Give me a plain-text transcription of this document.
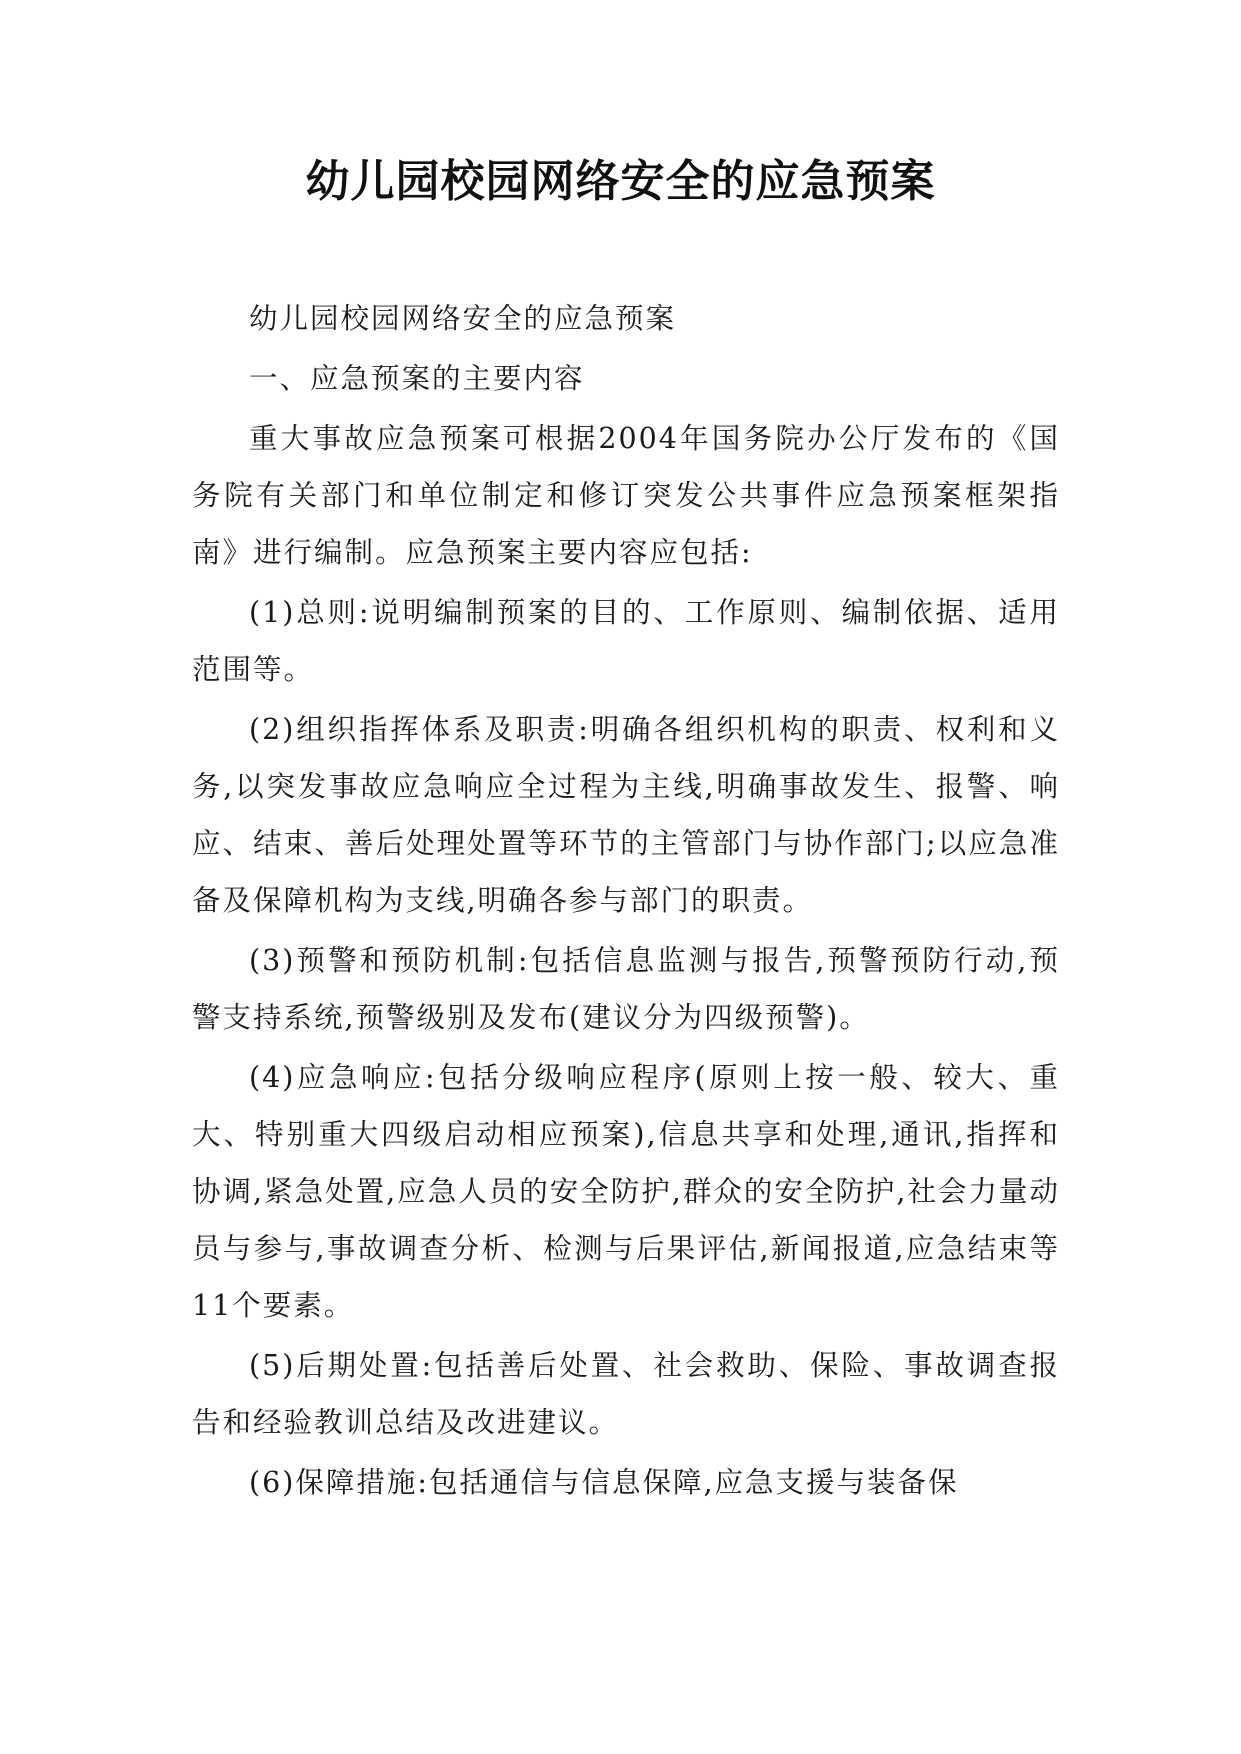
幼儿园校园网络安全的应急预案

幼儿园校园网络安全的应急预案

一、应急预案的主要内容

重大事故应急预案可根据2004年国务院办公厅发布的《国务院有关部门和单位制定和修订突发公共事件应急预案框架指南》进行编制。应急预案主要内容应包括:

(1)总则:说明编制预案的目的、工作原则、编制依据、适用范围等。

(2)组织指挥体系及职责:明确各组织机构的职责、权利和义务,以突发事故应急响应全过程为主线,明确事故发生、报警、响应、结束、善后处理处置等环节的主管部门与协作部门;以应急准备及保障机构为支线,明确各参与部门的职责。

(3)预警和预防机制:包括信息监测与报告,预警预防行动,预警支持系统,预警级别及发布(建议分为四级预警)。

(4)应急响应:包括分级响应程序(原则上按一般、较大、重大、特别重大四级启动相应预案),信息共享和处理,通讯,指挥和协调,紧急处置,应急人员的安全防护,群众的安全防护,社会力量动员与参与,事故调查分析、检测与后果评估,新闻报道,应急结束等11个要素。

(5)后期处置:包括善后处置、社会救助、保险、事故调查报告和经验教训总结及改进建议。

(6)保障措施:包括通信与信息保障,应急支援与装备保
